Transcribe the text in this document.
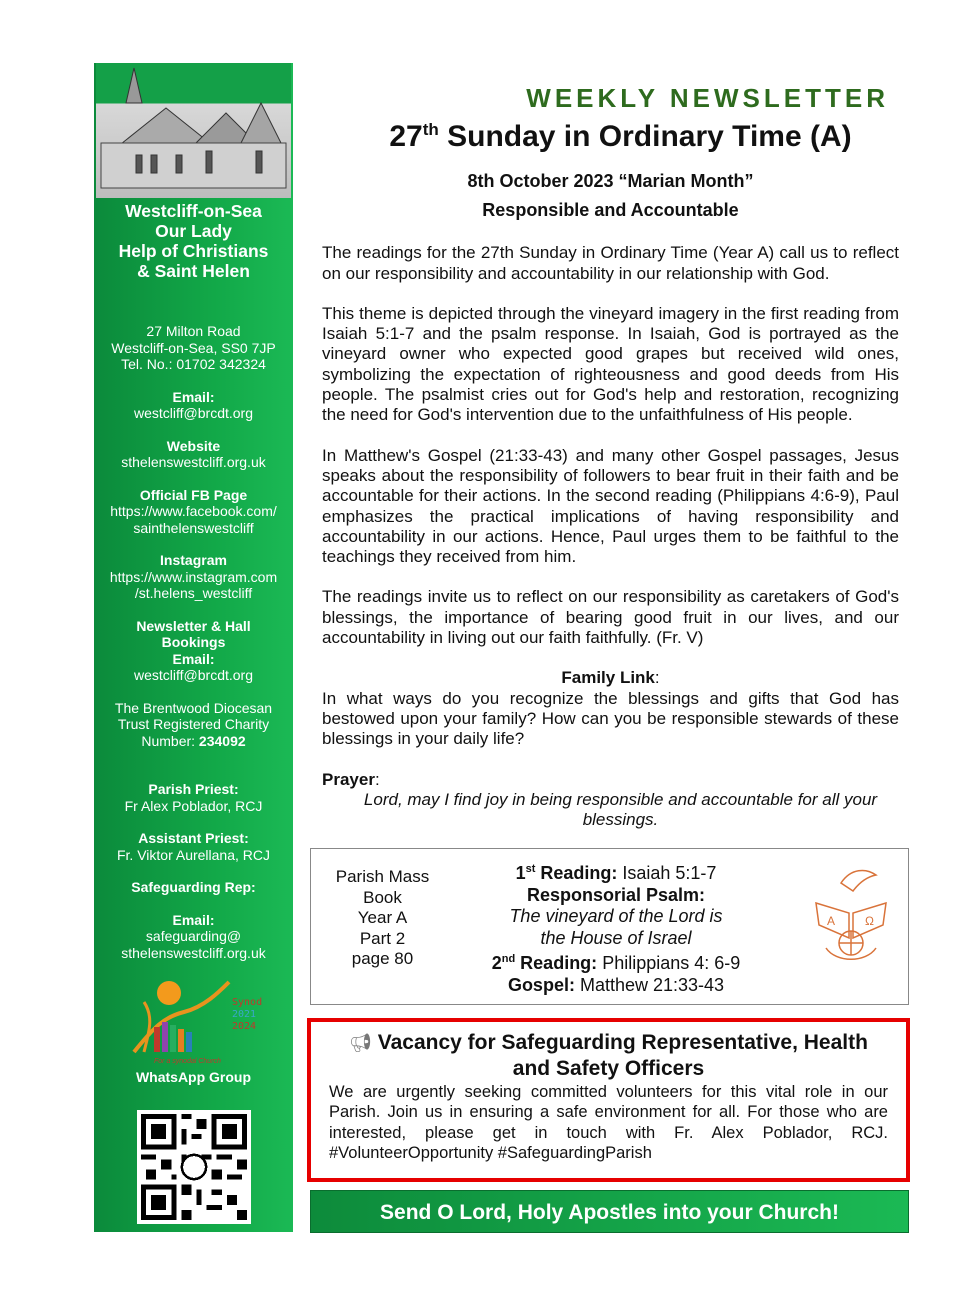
Westcliff-on-Sea
Our Lady
Help of Christians
& Saint Helen
27 Milton Road
Westcliff-on-Sea, SS0 7JP
Tel. No.: 01702 342324
Email:
westcliff@brcdt.org
Website
sthelenswestcliff.org.uk
Official FB Page
https://www.facebook.com/
sainthelenswestcliff
Instagram
https://www.instagram.com
/st.helens_westcliff
Newsletter & Hall
Bookings
Email:
westcliff@brcdt.org
The Brentwood Diocesan
Trust Registered Charity
Number: 234092
Parish Priest:
Fr Alex Poblador, RCJ
Assistant Priest:
Fr. Viktor Aurellana, RCJ
Safeguarding Rep:
Email:
safeguarding@
sthelenswestcliff.org.uk
Synod
2021
2024
For a synodal Church
WhatsApp Group
WEEKLY NEWSLETTER
27th Sunday in Ordinary Time (A)
8th October 2023 “Marian Month”
Responsible and Accountable

The readings for the 27th Sunday in Ordinary Time (Year A) call us to reflect on our responsibility and accountability in our relationship with God.

This theme is depicted through the vineyard imagery in the first reading from Isaiah 5:1-7 and the psalm response. In Isaiah, God is portrayed as the vineyard owner who expected good grapes but received wild ones, symbolizing the expectation of righteousness and good deeds from His people. The psalmist cries out for God's help and restoration, recognizing the need for God's intervention due to the unfaithfulness of His people.

In Matthew's Gospel (21:33-43) and many other Gospel passages, Jesus speaks about the responsibility of followers to bear fruit in their faith and be accountable for their actions. In the second reading (Philippians 4:6-9), Paul emphasizes the practical implications of having responsibility and accountability in our actions. Hence, Paul urges them to be faithful to the teachings they received from him.

The readings invite us to reflect on our responsibility as caretakers of God's blessings, the importance of bearing good fruit in our lives, and our accountability in living out our faith faithfully. (Fr. V)

Family Link:

In what ways do you recognize the blessings and gifts that God has bestowed upon your family? How can you be responsible stewards of these blessings in your daily life?

Prayer:
Lord, may I find joy in being responsible and accountable for all your blessings.
Parish Mass
Book
Year A
Part 2
page 80
1st Reading: Isaiah 5:1-7
Responsorial Psalm:
The vineyard of the Lord is
the House of Israel
2nd Reading: Philippians 4: 6-9
Gospel: Matthew 21:33-43
A Ω
📢︎ Vacancy for Safeguarding Representative, Health and Safety Officers
We are urgently seeking committed volunteers for this vital role in our Parish. Join us in ensuring a safe environment for all. For those who are interested, please get in touch with Fr. Alex Poblador, RCJ. #VolunteerOpportunity #SafeguardingParish
Send O Lord, Holy Apostles into your Church!
